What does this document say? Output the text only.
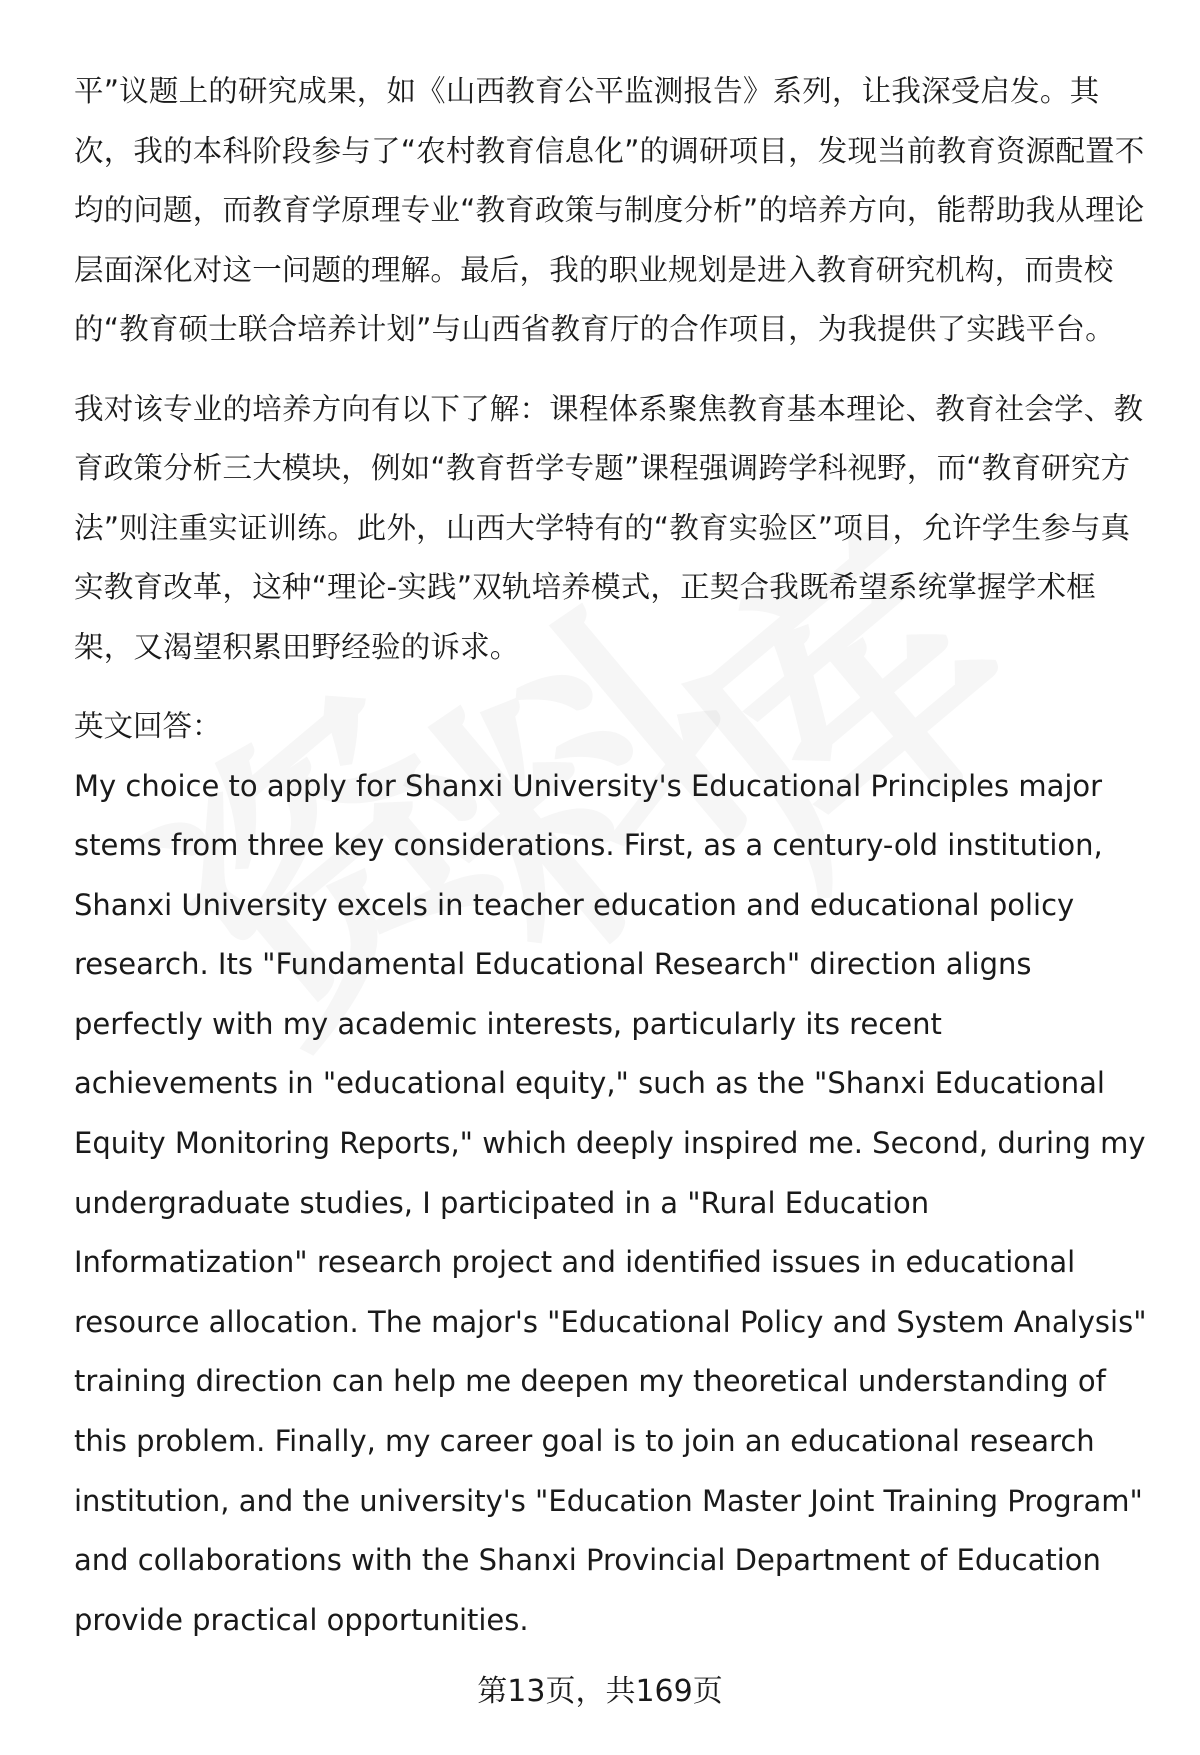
平”议题上的研究成果，如《山西教育公平监测报告》系列，让我深受启发。其次，我的本科阶段参与了“农村教育信息化”的调研项目，发现当前教育资源配置不均的问题，而教育学原理专业“教育政策与制度分析”的培养方向，能帮助我从理论层面深化对这一问题的理解。最后，我的职业规划是进入教育研究机构，而贵校的“教育硕士联合培养计划”与山西省教育厅的合作项目，为我提供了实践平台。

我对该专业的培养方向有以下了解：课程体系聚焦教育基本理论、教育社会学、教育政策分析三大模块，例如“教育哲学专题”课程强调跨学科视野，而“教育研究方法”则注重实证训练。此外，山西大学特有的“教育实验区”项目，允许学生参与真实教育改革，这种“理论-实践”双轨培养模式，正契合我既希望系统掌握学术框架，又渴望积累田野经验的诉求。

英文回答：

My choice to apply for Shanxi University's Educational Principles major stems from three key considerations. First, as a century-old institution, Shanxi University excels in teacher education and educational policy research. Its "Fundamental Educational Research" direction aligns perfectly with my academic interests, particularly its recent achievements in "educational equity," such as the "Shanxi Educational Equity Monitoring Reports," which deeply inspired me. Second, during my undergraduate studies, I participated in a "Rural Education Informatization" research project and identified issues in educational resource allocation. The major's "Educational Policy and System Analysis" training direction can help me deepen my theoretical understanding of this problem. Finally, my career goal is to join an educational research institution, and the university's "Education Master Joint Training Program" and collaborations with the Shanxi Provincial Department of Education provide practical opportunities.

第13页，共169页
